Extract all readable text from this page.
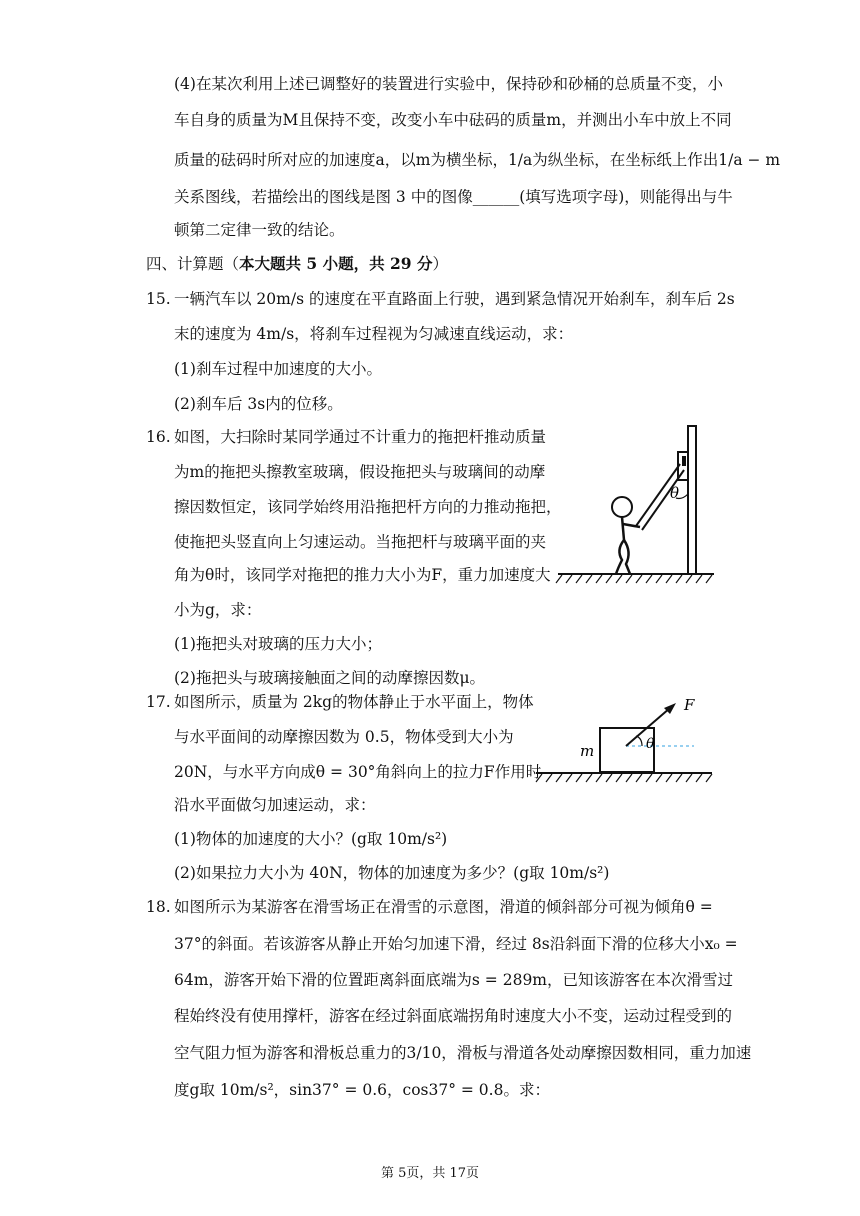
(4)在某次利用上述已调整好的装置进行实验中，保持砂和砂桶的总质量不变，小
车自身的质量为M且保持不变，改变小车中砝码的质量m，并测出小车中放上不同
质量的砝码时所对应的加速度a，以m为横坐标，1/a为纵坐标，在坐标纸上作出1/a − m
关系图线，若描绘出的图线是图 3 中的图像______(填写选项字母)，则能得出与牛
顿第二定律一致的结论。
四、计算题（本大题共 5 小题，共 29 分）
15. 一辆汽车以 20m/s 的速度在平直路面上行驶，遇到紧急情况开始刹车，刹车后 2s
末的速度为 4m/s，将刹车过程视为匀减速直线运动，求：
(1)刹车过程中加速度的大小。
(2)刹车后 3s内的位移。
16. 如图，大扫除时某同学通过不计重力的拖把杆推动质量
为m的拖把头擦教室玻璃，假设拖把头与玻璃间的动摩
擦因数恒定，该同学始终用沿拖把杆方向的力推动拖把，
使拖把头竖直向上匀速运动。当拖把杆与玻璃平面的夹
角为θ时，该同学对拖把的推力大小为F，重力加速度大
小为g，求：
(1)拖把头对玻璃的压力大小；
(2)拖把头与玻璃接触面之间的动摩擦因数μ。
θ
17. 如图所示，质量为 2kg的物体静止于水平面上，物体
与水平面间的动摩擦因数为 0.5，物体受到大小为
20N，与水平方向成θ = 30°角斜向上的拉力F作用时
沿水平面做匀加速运动，求：
(1)物体的加速度的大小？(g取 10m/s²)
(2)如果拉力大小为 40N，物体的加速度为多少？(g取 10m/s²)
θ
F
m
18. 如图所示为某游客在滑雪场正在滑雪的示意图，滑道的倾斜部分可视为倾角θ =
37°的斜面。若该游客从静止开始匀加速下滑，经过 8s沿斜面下滑的位移大小x₀ =
64m，游客开始下滑的位置距离斜面底端为s = 289m，已知该游客在本次滑雪过
程始终没有使用撑杆，游客在经过斜面底端拐角时速度大小不变，运动过程受到的
空气阻力恒为游客和滑板总重力的3/10，滑板与滑道各处动摩擦因数相同，重力加速
度g取 10m/s²，sin37° = 0.6，cos37° = 0.8。求：
第 5页，共 17页
